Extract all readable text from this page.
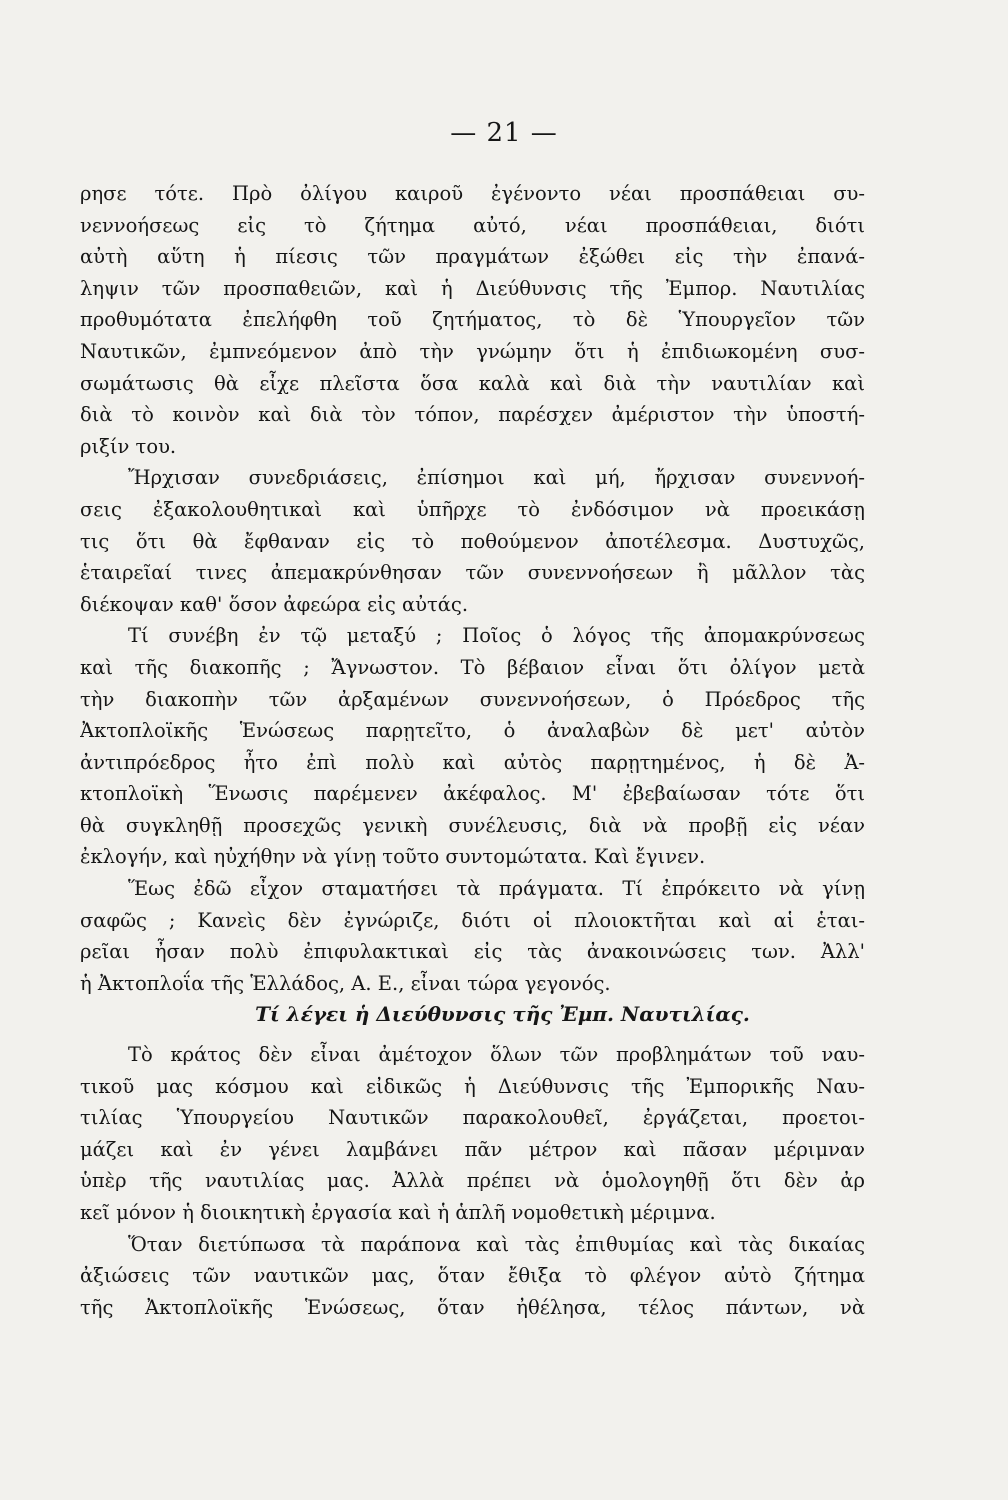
— 21 —
ρησε τότε. Πρὸ ὀλίγου καιροῦ ἐγένοντο νέαι προσπάθειαι συ-
νεννοήσεως εἰς τὸ ζήτημα αὐτό, νέαι προσπάθειαι, διότι
αὐτὴ αὕτη ἡ πίεσις τῶν πραγμάτων ἐξώθει εἰς τὴν ἐπανά-
ληψιν τῶν προσπαθειῶν, καὶ ἡ Διεύθυνσις τῆς Ἐμπορ. Ναυτιλίας
προθυμότατα ἐπελήφθη τοῦ ζητήματος, τὸ δὲ Ὑπουργεῖον τῶν
Ναυτικῶν, ἐμπνεόμενον ἀπὸ τὴν γνώμην ὅτι ἡ ἐπιδιωκομένη συσ-
σωμάτωσις θὰ εἶχε πλεῖστα ὅσα καλὰ καὶ διὰ τὴν ναυτιλίαν καὶ
διὰ τὸ κοινὸν καὶ διὰ τὸν τόπον, παρέσχεν ἀμέριστον τὴν ὑποστή-
ριξίν του.
Ἤρχισαν συνεδριάσεις, ἐπίσημοι καὶ μή, ἤρχισαν συνεννοή-
σεις ἐξακολουθητικαὶ καὶ ὑπῆρχε τὸ ἐνδόσιμον νὰ προεικάσῃ
τις ὅτι θὰ ἔφθαναν εἰς τὸ ποθούμενον ἀποτέλεσμα. Δυστυχῶς,
ἑταιρεῖαί τινες ἀπεμακρύνθησαν τῶν συνεννοήσεων ἢ μᾶλλον τὰς
διέκοψαν καθ' ὅσον ἀφεώρα εἰς αὐτάς.
Τί συνέβη ἐν τῷ μεταξύ ; Ποῖος ὁ λόγος τῆς ἀπομακρύνσεως
καὶ τῆς διακοπῆς ; Ἄγνωστον. Τὸ βέβαιον εἶναι ὅτι ὀλίγον μετὰ
τὴν διακοπὴν τῶν ἀρξαμένων συνεννοήσεων, ὁ Πρόεδρος τῆς
Ἀκτοπλοϊκῆς Ἑνώσεως παρῃτεῖτο, ὁ ἀναλαβὼν δὲ μετ' αὐτὸν
ἀντιπρόεδρος ἦτο ἐπὶ πολὺ καὶ αὐτὸς παρῃτημένος, ἡ δὲ Ἀ-
κτοπλοϊκὴ Ἕνωσις παρέμενεν ἀκέφαλος. Μ' ἐβεβαίωσαν τότε ὅτι
θὰ συγκληθῇ προσεχῶς γενικὴ συνέλευσις, διὰ νὰ προβῇ εἰς νέαν
ἐκλογήν, καὶ ηὐχήθην νὰ γίνῃ τοῦτο συντομώτατα. Καὶ ἔγινεν.
Ἕως ἐδῶ εἶχον σταματήσει τὰ πράγματα. Τί ἐπρόκειτο νὰ γίνῃ
σαφῶς ; Κανεὶς δὲν ἐγνώριζε, διότι οἱ πλοιοκτῆται καὶ αἱ ἑται-
ρεῖαι ἦσαν πολὺ ἐπιφυλακτικαὶ εἰς τὰς ἀνακοινώσεις των. Ἀλλ'
ἡ Ἀκτοπλοΐα τῆς Ἑλλάδος, Α. Ε., εἶναι τώρα γεγονός.
Τί λέγει ἡ Διεύθυνσις τῆς Ἐμπ. Ναυτιλίας.
Τὸ κράτος δὲν εἶναι ἀμέτοχον ὅλων τῶν προβλημάτων τοῦ ναυ-
τικοῦ μας κόσμου καὶ εἰδικῶς ἡ Διεύθυνσις τῆς Ἐμπορικῆς Ναυ-
τιλίας Ὑπουργείου Ναυτικῶν παρακολουθεῖ, ἐργάζεται, προετοι-
μάζει καὶ ἐν γένει λαμβάνει πᾶν μέτρον καὶ πᾶσαν μέριμναν
ὑπὲρ τῆς ναυτιλίας μας. Ἀλλὰ πρέπει νὰ ὁμολογηθῇ ὅτι δὲν ἀρ
κεῖ μόνον ἡ διοικητικὴ ἐργασία καὶ ἡ ἁπλῆ νομοθετικὴ μέριμνα.
Ὅταν διετύπωσα τὰ παράπονα καὶ τὰς ἐπιθυμίας καὶ τὰς δικαίας
ἀξιώσεις τῶν ναυτικῶν μας, ὅταν ἔθιξα τὸ φλέγον αὐτὸ ζήτημα
τῆς Ἀκτοπλοϊκῆς Ἑνώσεως, ὅταν ἠθέλησα, τέλος πάντων, νὰ
